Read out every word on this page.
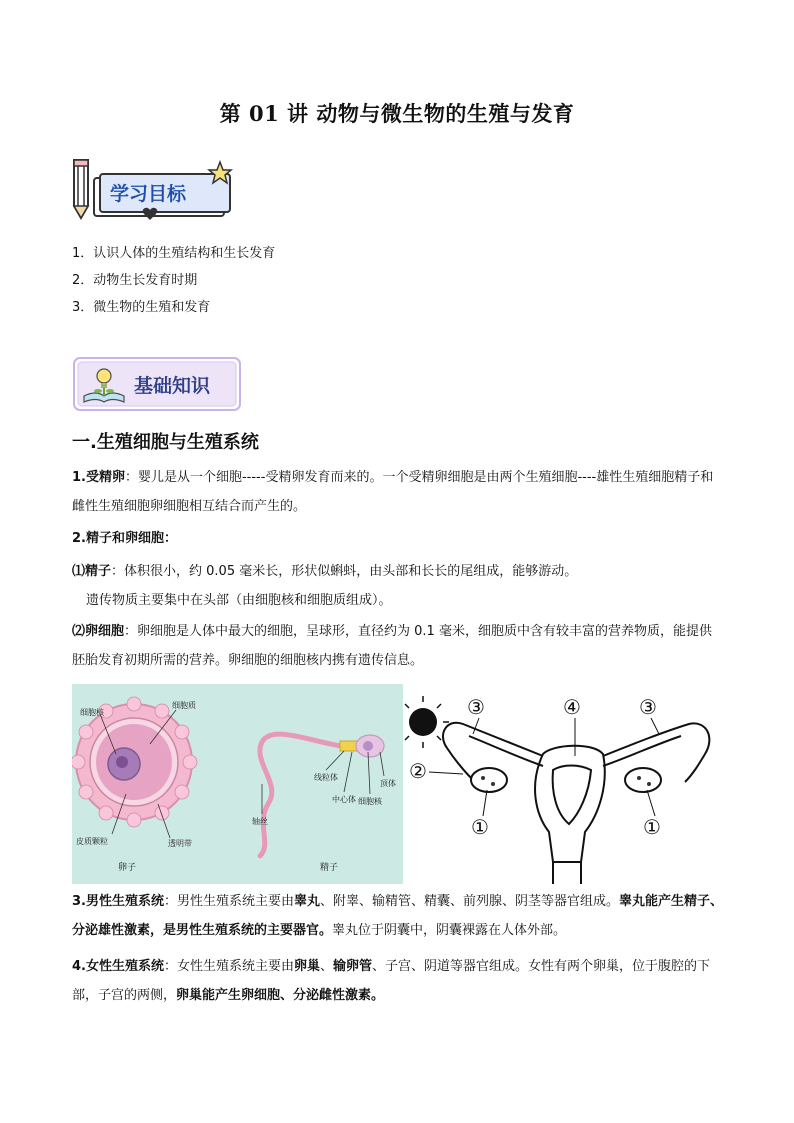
第 01 讲 动物与微生物的生殖与发育
学习目标
1．认识人体的生殖结构和生长发育
2．动物生长发育时期
3．微生物的生殖和发育
基础知识
一.生殖细胞与生殖系统
1.受精卵：婴儿是从一个细胞-----受精卵发育而来的。一个受精卵细胞是由两个生殖细胞----雄性生殖细胞精子和雌性生殖细胞卵细胞相互结合而产生的。
2.精子和卵细胞：
⑴精子：体积很小，约 0.05 毫米长，形状似蝌蚪，由头部和长长的尾组成，能够游动。
遗传物质主要集中在头部（由细胞核和细胞质组成）。
⑵卵细胞：卵细胞是人体中最大的细胞，呈球形，直径约为 0.1 毫米，细胞质中含有较丰富的营养物质，能提供胚胎发育初期所需的营养。卵细胞的细胞核内携有遗传信息。
细胞核
细胞质
皮质颗粒	透明带
线粒体
顶体
中心体 细胞核
轴丝
卵子	精子
③	④	③
②
①	①
3.男性生殖系统：男性生殖系统主要由睾丸、附睾、输精管、精囊、前列腺、阴茎等器官组成。睾丸能产生精子、分泌雄性激素，是男性生殖系统的主要器官。睾丸位于阴囊中，阴囊裸露在人体外部。
4.女性生殖系统：女性生殖系统主要由卵巢、输卵管、子宫、阴道等器官组成。女性有两个卵巢，位于腹腔的下部，子宫的两侧，卵巢能产生卵细胞、分泌雌性激素。
